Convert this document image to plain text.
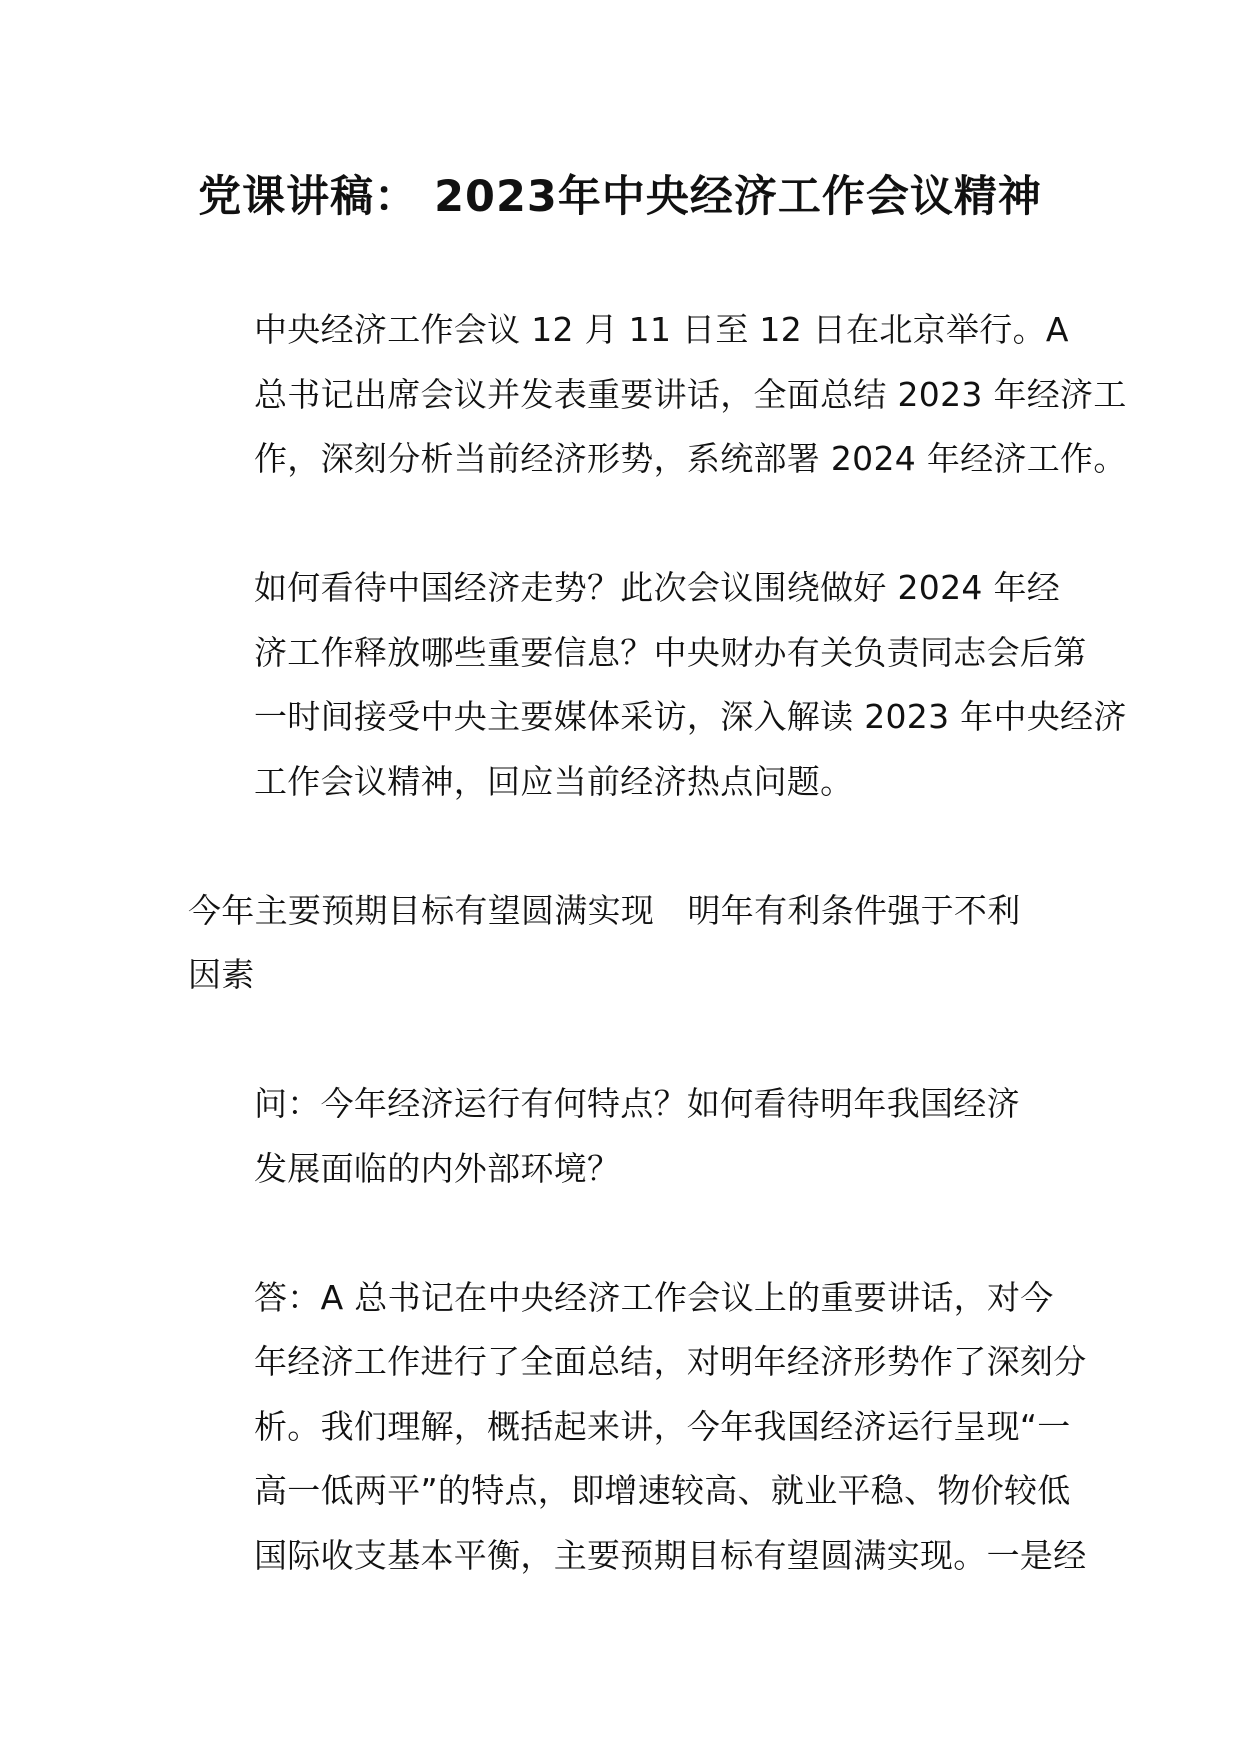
党课讲稿： 2023年中央经济工作会议精神

中央经济工作会议 12 月 11 日至 12 日在北京举行。A
总书记出席会议并发表重要讲话，全面总结 2023 年经济工
作，深刻分析当前经济形势，系统部署 2024 年经济工作。

如何看待中国经济走势？此次会议围绕做好 2024 年经
济工作释放哪些重要信息？中央财办有关负责同志会后第
一时间接受中央主要媒体采访，深入解读 2023 年中央经济
工作会议精神，回应当前经济热点问题。

今年主要预期目标有望圆满实现　明年有利条件强于不利
因素

问：今年经济运行有何特点？如何看待明年我国经济
发展面临的内外部环境？

答：A 总书记在中央经济工作会议上的重要讲话，对今
年经济工作进行了全面总结，对明年经济形势作了深刻分
析。我们理解，概括起来讲，今年我国经济运行呈现“一
高一低两平”的特点，即增速较高、就业平稳、物价较低
国际收支基本平衡，主要预期目标有望圆满实现。一是经
